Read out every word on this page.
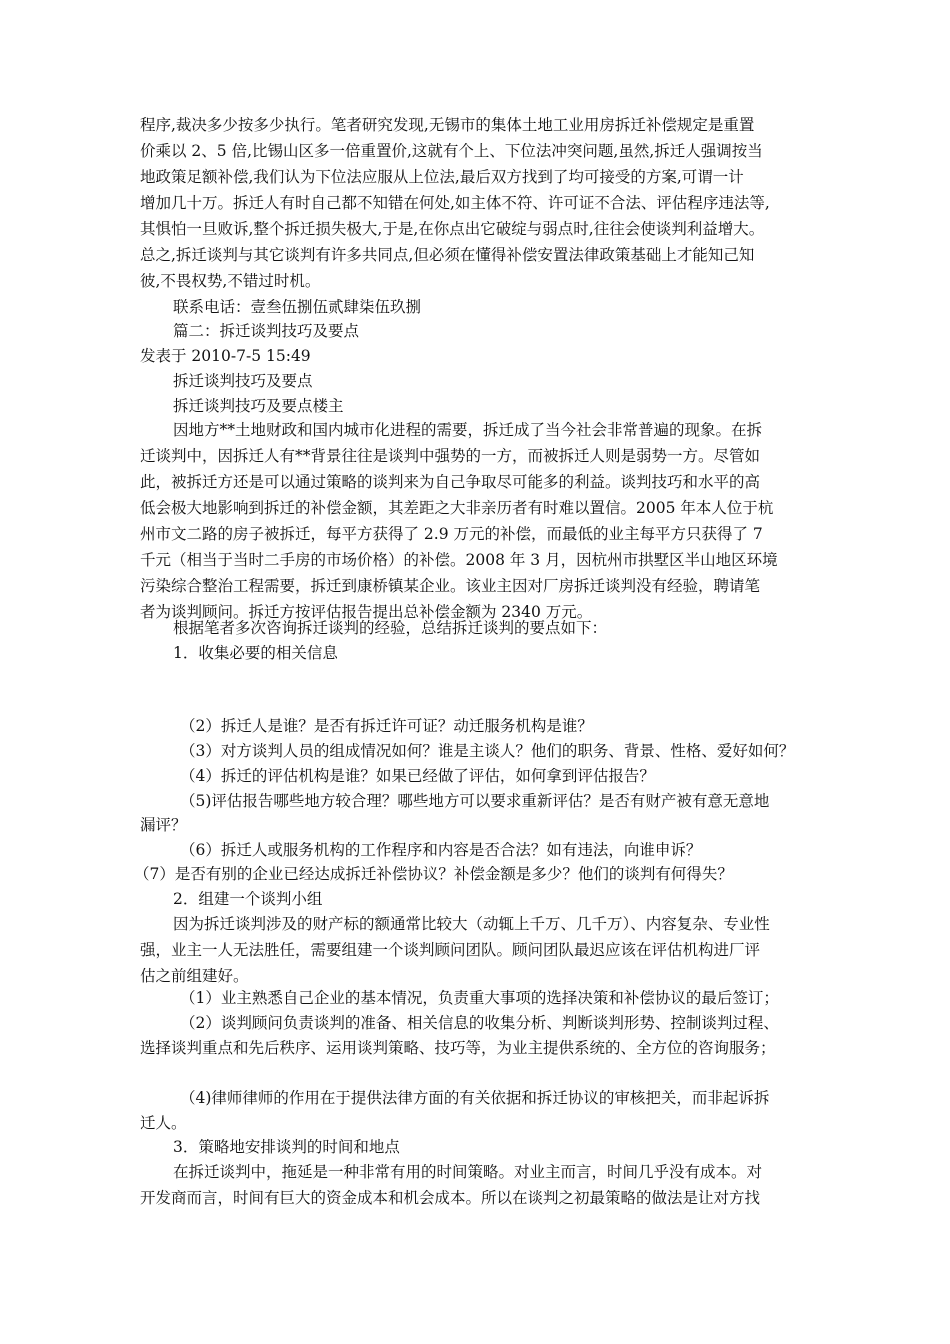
程序,裁决多少按多少执行。笔者研究发现,无锡市的集体土地工业用房拆迁补偿规定是重置
价乘以 2、5 倍,比锡山区多一倍重置价,这就有个上、下位法冲突问题,虽然,拆迁人强调按当
地政策足额补偿,我们认为下位法应服从上位法,最后双方找到了均可接受的方案,可谓一计
增加几十万。拆迁人有时自己都不知错在何处,如主体不符、许可证不合法、评估程序违法等,
其惧怕一旦败诉,整个拆迁损失极大,于是,在你点出它破绽与弱点时,往往会使谈判利益增大。
总之,拆迁谈判与其它谈判有许多共同点,但必须在懂得补偿安置法律政策基础上才能知己知
彼,不畏权势,不错过时机。
联系电话：壹叁伍捌伍贰肆柒伍玖捌
篇二：拆迁谈判技巧及要点
发表于 2010-7-5 15:49
拆迁谈判技巧及要点
拆迁谈判技巧及要点楼主
因地方**土地财政和国内城市化进程的需要，拆迁成了当今社会非常普遍的现象。在拆
迁谈判中，因拆迁人有**背景往往是谈判中强势的一方，而被拆迁人则是弱势一方。尽管如
此，被拆迁方还是可以通过策略的谈判来为自己争取尽可能多的利益。谈判技巧和水平的高
低会极大地影响到拆迁的补偿金额，其差距之大非亲历者有时难以置信。2005 年本人位于杭
州市文二路的房子被拆迁，每平方获得了 2.9 万元的补偿，而最低的业主每平方只获得了 7
千元（相当于当时二手房的市场价格）的补偿。2008 年 3 月，因杭州市拱墅区半山地区环境
污染综合整治工程需要，拆迁到康桥镇某企业。该业主因对厂房拆迁谈判没有经验，聘请笔
者为谈判顾问。拆迁方按评估报告提出总补偿金额为 2340 万元。
根据笔者多次咨询拆迁谈判的经验，总结拆迁谈判的要点如下：
1．收集必要的相关信息
（2）拆迁人是谁？是否有拆迁许可证？动迁服务机构是谁？
（3）对方谈判人员的组成情况如何？谁是主谈人？他们的职务、背景、性格、爱好如何？
（4）拆迁的评估机构是谁？如果已经做了评估，如何拿到评估报告？
（5)评估报告哪些地方较合理？哪些地方可以要求重新评估？是否有财产被有意无意地
漏评？
（6）拆迁人或服务机构的工作程序和内容是否合法？如有违法，向谁申诉？
（7）是否有别的企业已经达成拆迁补偿协议？补偿金额是多少？他们的谈判有何得失？
2．组建一个谈判小组
因为拆迁谈判涉及的财产标的额通常比较大（动辄上千万、几千万）、内容复杂、专业性
强，业主一人无法胜任，需要组建一个谈判顾问团队。顾问团队最迟应该在评估机构进厂评
估之前组建好。
（1）业主熟悉自己企业的基本情况，负责重大事项的选择决策和补偿协议的最后签订；
（2）谈判顾问负责谈判的准备、相关信息的收集分析、判断谈判形势、控制谈判过程、
选择谈判重点和先后秩序、运用谈判策略、技巧等，为业主提供系统的、全方位的咨询服务；
（4)律师律师的作用在于提供法律方面的有关依据和拆迁协议的审核把关，而非起诉拆
迁人。
3．策略地安排谈判的时间和地点
在拆迁谈判中，拖延是一种非常有用的时间策略。对业主而言，时间几乎没有成本。对
开发商而言，时间有巨大的资金成本和机会成本。所以在谈判之初最策略的做法是让对方找
